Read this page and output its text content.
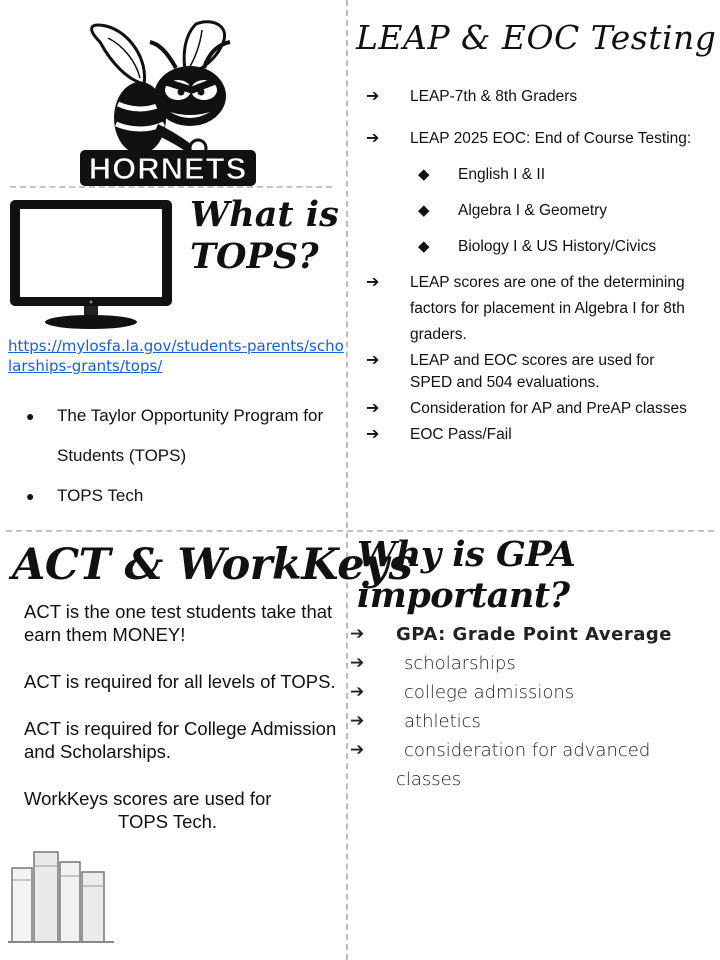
HORNETS
What is TOPS?
https://mylosfa.la.gov/students-parents/scholarships-grants/tops/
● The Taylor Opportunity Program for Students (TOPS)
● TOPS Tech
LEAP & EOC Testing
➔ LEAP-7th & 8th Graders
➔ LEAP 2025 EOC: End of Course Testing:
◆ English I & II
◆ Algebra I & Geometry
◆ Biology I & US History/Civics
➔ LEAP scores are one of the determining factors for placement in Algebra I for 8th graders.
➔ LEAP and EOC scores are used for SPED and 504 evaluations.
➔ Consideration for AP and PreAP classes
➔ EOC Pass/Fail
ACT & WorkKeys

ACT is the one test students take that earn them MONEY!

ACT is required for all levels of TOPS.

ACT is required for College Admission and Scholarships.

WorkKeys scores are used for
TOPS Tech.

Why is GPA important?
➔ GPA: Grade Point Average
➔ scholarships
➔ college admissions
➔ athletics
➔ consideration for advanced classes
